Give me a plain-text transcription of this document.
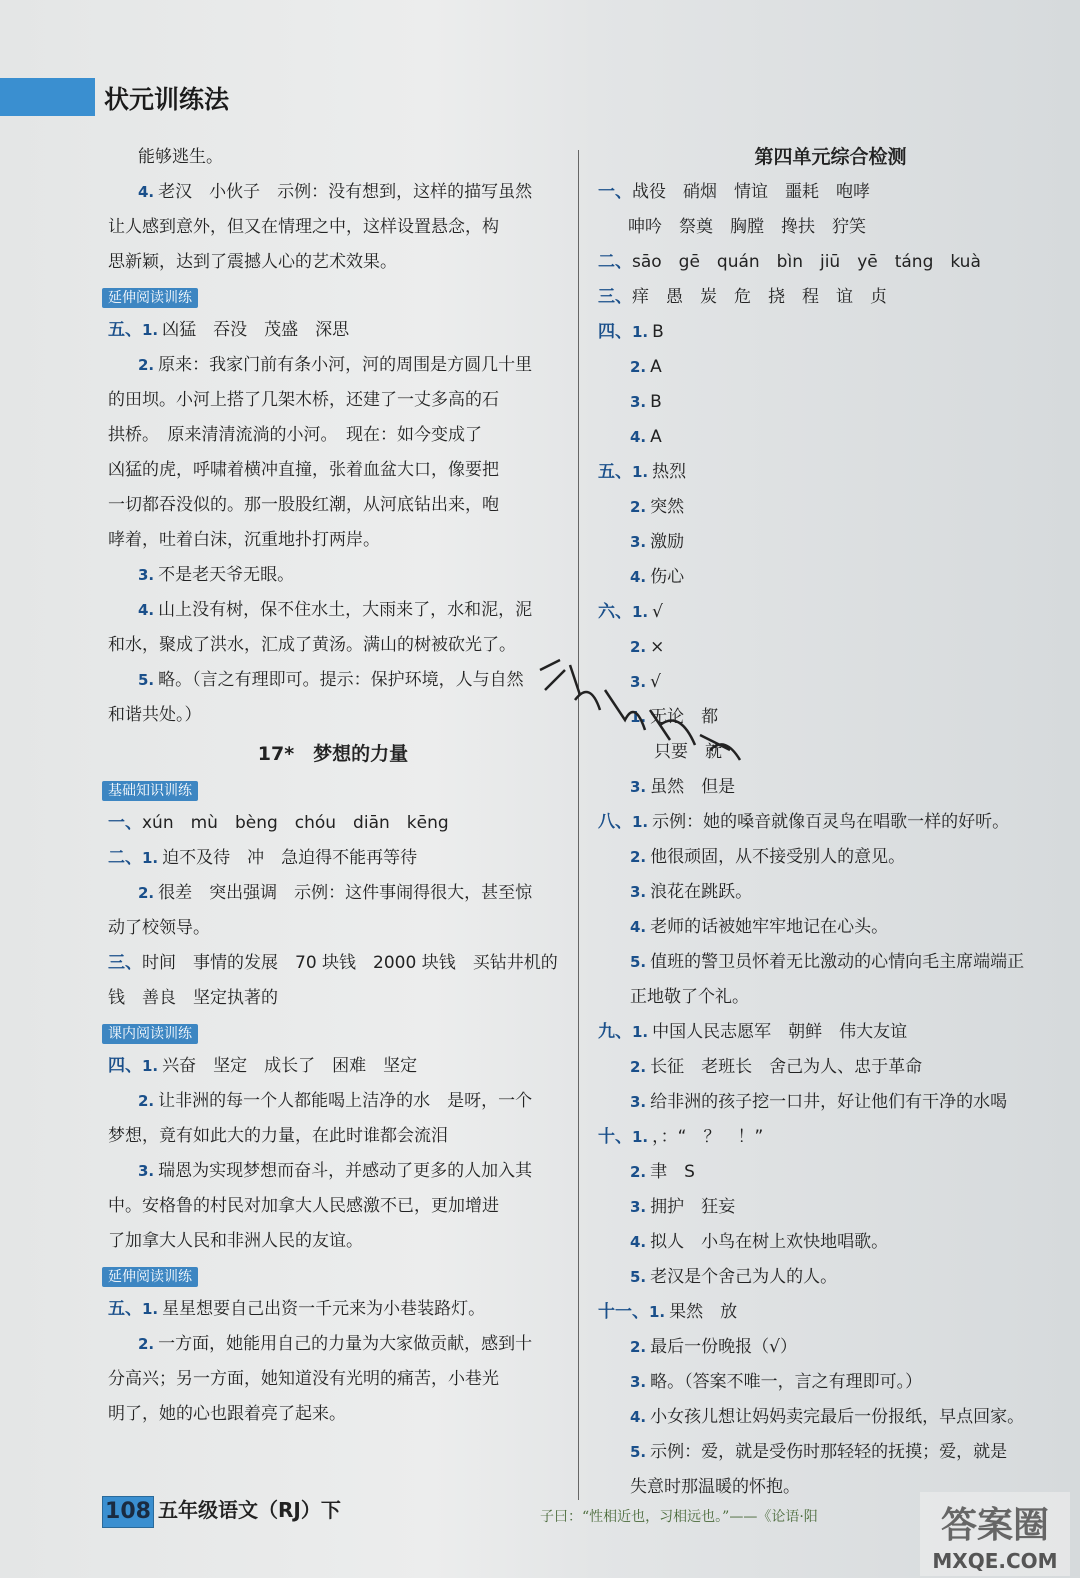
状元训练法
能够逃生。
4. 老汉　小伙子　示例：没有想到，这样的描写虽然
让人感到意外，但又在情理之中，这样设置悬念，构
思新颖，达到了震撼人心的艺术效果。
延伸阅读训练
五、1. 凶猛　吞没　茂盛　深思
2. 原来：我家门前有条小河，河的周围是方圆几十里
的田坝。小河上搭了几架木桥，还建了一丈多高的石
拱桥。　原来清清流淌的小河。　现在：如今变成了
凶猛的虎，呼啸着横冲直撞，张着血盆大口，像要把
一切都吞没似的。那一股股红潮，从河底钻出来，咆
哮着，吐着白沫，沉重地扑打两岸。
3. 不是老天爷无眼。
4. 山上没有树，保不住水土，大雨来了，水和泥，泥
和水，聚成了洪水，汇成了黄汤。满山的树被砍光了。
5. 略。（言之有理即可。提示：保护环境，人与自然
和谐共处。）
17*　梦想的力量
基础知识训练
一、xún　mù　bèng　chóu　diān　kēng
二、1. 迫不及待　冲　急迫得不能再等待
2. 很差　突出强调　示例：这件事闹得很大，甚至惊
动了校领导。
三、时间　事情的发展　70 块钱　2000 块钱　买钻井机的
钱　善良　坚定执著的
课内阅读训练
四、1. 兴奋　坚定　成长了　困难　坚定
2. 让非洲的每一个人都能喝上洁净的水　是呀，一个
梦想，竟有如此大的力量，在此时谁都会流泪
3. 瑞恩为实现梦想而奋斗，并感动了更多的人加入其
中。安格鲁的村民对加拿大人民感激不已，更加增进
了加拿大人民和非洲人民的友谊。
延伸阅读训练
五、1. 星星想要自己出资一千元来为小巷装路灯。
2. 一方面，她能用自己的力量为大家做贡献，感到十
分高兴；另一方面，她知道没有光明的痛苦，小巷光
明了，她的心也跟着亮了起来。
第四单元综合检测
一、战役　硝烟　情谊　噩耗　咆哮
呻吟　祭奠　胸膛　搀扶　狞笑
二、sāo　gē　quán　bìn　jiū　yē　táng　kuà
三、痒　愚　炭　危　挠　程　谊　贞
四、1. B
2. A
3. B
4. A
五、1. 热烈
2. 突然
3. 激励
4. 伤心
六、1. √
2. ×
3. √
1. 无论　都
只要　就
3. 虽然　但是
八、1. 示例：她的嗓音就像百灵鸟在唱歌一样的好听。
2. 他很顽固，从不接受别人的意见。
3. 浪花在跳跃。
4. 老师的话被她牢牢地记在心头。
5. 值班的警卫员怀着无比激动的心情向毛主席端端正
正地敬了个礼。
九、1. 中国人民志愿军　朝鲜　伟大友谊
2. 长征　老班长　舍己为人、忠于革命
3. 给非洲的孩子挖一口井，好让他们有干净的水喝
十、1. ，：“　？　！”
2. 聿　S
3. 拥护　狂妄
4. 拟人　小鸟在树上欢快地唱歌。
5. 老汉是个舍己为人的人。
十一、1. 果然　放
2. 最后一份晚报（√）
3. 略。（答案不唯一，言之有理即可。）
4. 小女孩儿想让妈妈卖完最后一份报纸，早点回家。
5. 示例：爱，就是受伤时那轻轻的抚摸；爱，就是
失意时那温暖的怀抱。
108 五年级语文（RJ）下	子曰：“性相近也，习相远也。”——《论语·阳	答案圈
MXQE.COM
